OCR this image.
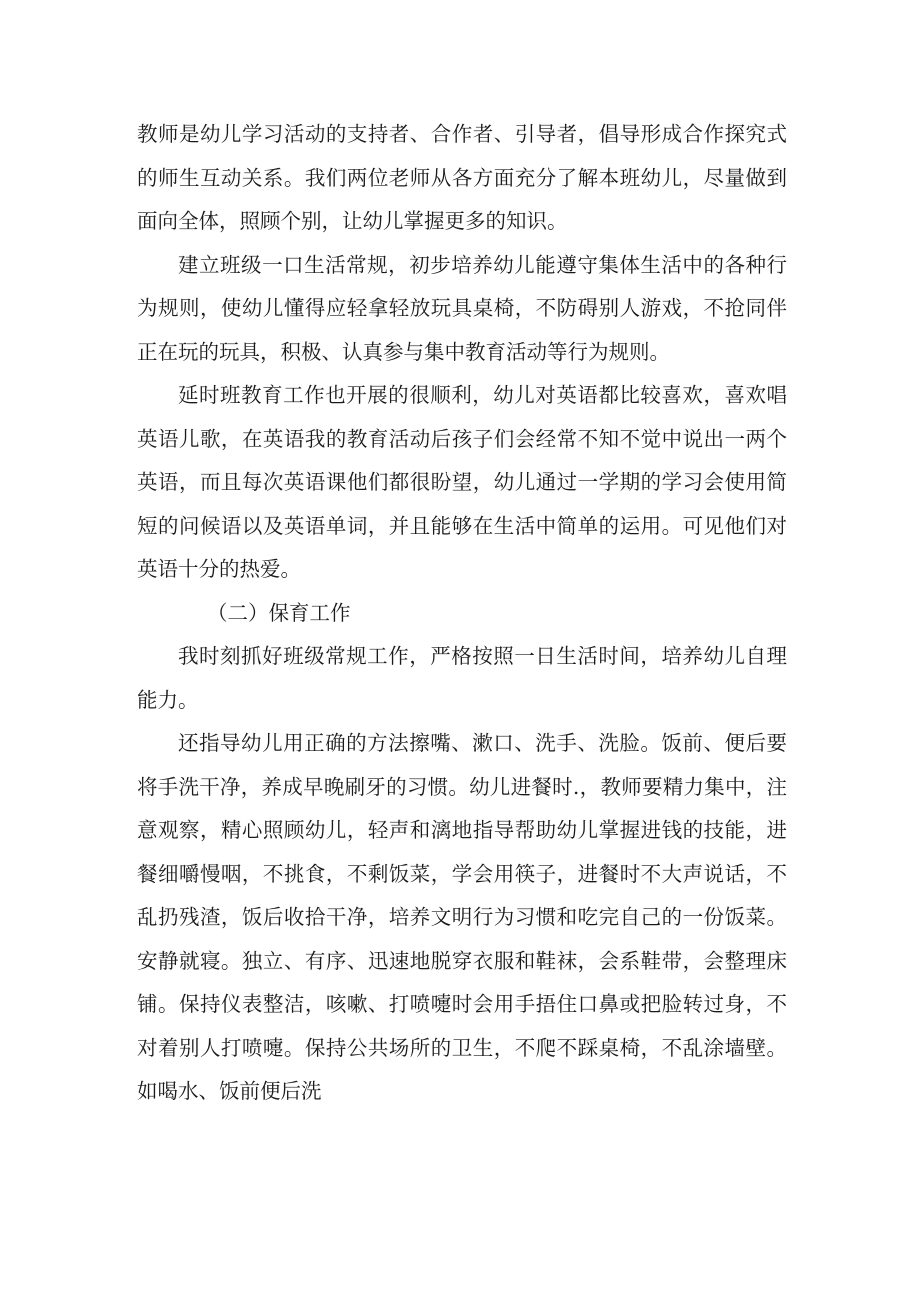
教师是幼儿学习活动的支持者、合作者、引导者，倡导形成合作探究式的师生互动关系。我们两位老师从各方面充分了解本班幼儿，尽量做到面向全体，照顾个别，让幼儿掌握更多的知识。

建立班级一口生活常规，初步培养幼儿能遵守集体生活中的各种行为规则，使幼儿懂得应轻拿轻放玩具桌椅，不防碍别人游戏，不抢同伴正在玩的玩具，积极、认真参与集中教育活动等行为规则。

延时班教育工作也开展的很顺利，幼儿对英语都比较喜欢，喜欢唱英语儿歌，在英语我的教育活动后孩子们会经常不知不觉中说出一两个英语，而且每次英语课他们都很盼望，幼儿通过一学期的学习会使用简短的问候语以及英语单词，并且能够在生活中简单的运用。可见他们对英语十分的热爱。

（二）保育工作

我时刻抓好班级常规工作，严格按照一日生活时间，培养幼儿自理能力。

还指导幼儿用正确的方法擦嘴、漱口、洗手、洗脸。饭前、便后要将手洗干净，养成早晚刷牙的习惯。幼儿进餐时.，教师要精力集中，注意观察，精心照顾幼儿，轻声和漓地指导帮助幼儿掌握进钱的技能，进餐细嚼慢咽，不挑食，不剩饭菜，学会用筷子，进餐时不大声说话，不乱扔残渣，饭后收拾干净，培养文明行为习惯和吃完自己的一份饭菜。安静就寝。独立、有序、迅速地脱穿衣服和鞋袜，会系鞋带，会整理床铺。保持仪表整洁，咳嗽、打喷嚏时会用手捂住口鼻或把脸转过身，不对着别人打喷嚏。保持公共场所的卫生，不爬不踩桌椅，不乱涂墙壁。如喝水、饭前便后洗
